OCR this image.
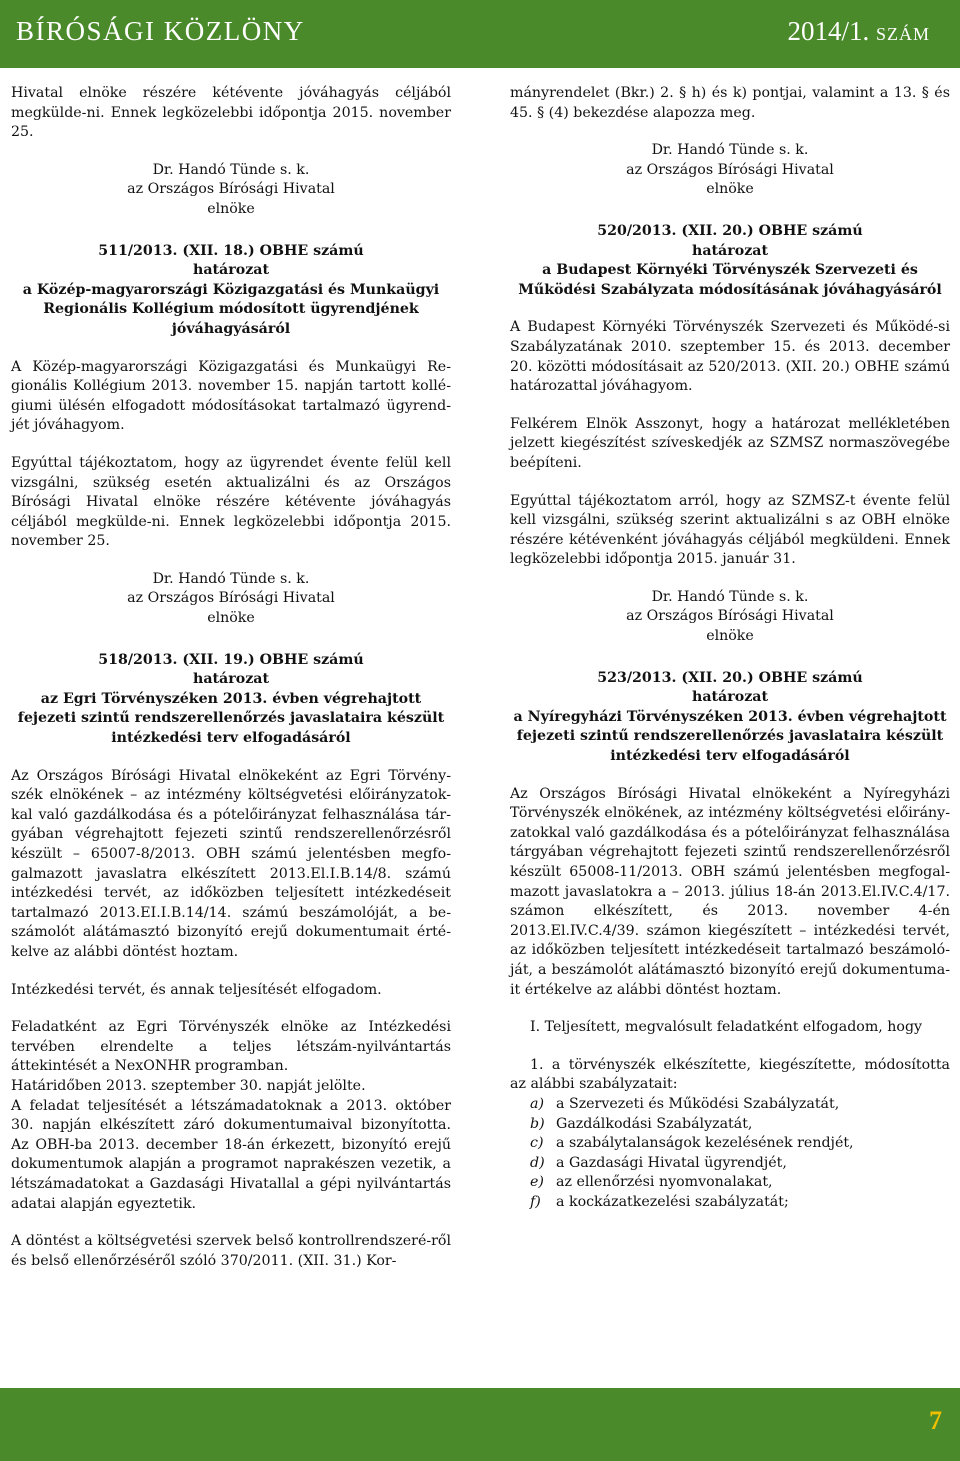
BÍRÓSÁGI KÖZLÖNY	2014/1. SZÁM

Hivatal elnöke részére kétévente jóváhagyás céljából megkülde-ni. Ennek legközelebbi időpontja 2015. november 25.

Dr. Handó Tünde s. k.
az Országos Bírósági Hivatal
elnöke
511/2013. (XII. 18.) OBHE számú
határozat
a Közép-magyarországi Közigazgatási és Munkaügyi Regionális Kollégium módosított ügyrendjének jóváhagyásáról

A Közép-magyarországi Közigazgatási és Munkaügyi Re-gionális Kollégium 2013. november 15. napján tartott kollé-giumi ülésén elfogadott módosításokat tartalmazó ügyrend-jét jóváhagyom.

Egyúttal tájékoztatom, hogy az ügyrendet évente felül kell vizsgálni, szükség esetén aktualizálni és az Országos Bírósági Hivatal elnöke részére kétévente jóváhagyás céljából megkülde-ni. Ennek legközelebbi időpontja 2015. november 25.

Dr. Handó Tünde s. k.
az Országos Bírósági Hivatal
elnöke
518/2013. (XII. 19.) OBHE számú
határozat
az Egri Törvényszéken 2013. évben végrehajtott fejezeti szintű rendszerellenőrzés javaslataira készült intézkedési terv elfogadásáról

Az Országos Bírósági Hivatal elnökeként az Egri Törvény-szék elnökének – az intézmény költségvetési előirányzatok-kal való gazdálkodása és a pótelőirányzat felhasználása tár-gyában végrehajtott fejezeti szintű rendszerellenőrzésről készült – 65007-8/2013. OBH számú jelentésben megfo-galmazott javaslatra elkészített 2013.El.I.B.14/8. számú intézkedési tervét, az időközben teljesített intézkedéseit tartalmazó 2013.EI.I.B.14/14. számú beszámolóját, a be-számolót alátámasztó bizonyító erejű dokumentumait érté-kelve az alábbi döntést hoztam.

Intézkedési tervét, és annak teljesítését elfogadom.

Feladatként az Egri Törvényszék elnöke az Intézkedési tervében elrendelte a teljes létszám-nyilvántartás áttekintését a NexONHR programban.

Határidőben 2013. szeptember 30. napját jelölte.

A feladat teljesítését a létszámadatoknak a 2013. október 30. napján elkészített záró dokumentumaival bizonyította. Az OBH-ba 2013. december 18-án érkezett, bizonyító erejű dokumentumok alapján a programot naprakészen vezetik, a létszámadatokat a Gazdasági Hivatallal a gépi nyilvántartás adatai alapján egyeztetik.

A döntést a költségvetési szervek belső kontrollrendszeré-ről és belső ellenőrzéséről szóló 370/2011. (XII. 31.) Kor-

mányrendelet (Bkr.) 2. § h) és k) pontjai, valamint a 13. § és 45. § (4) bekezdése alapozza meg.

Dr. Handó Tünde s. k.
az Országos Bírósági Hivatal
elnöke
520/2013. (XII. 20.) OBHE számú
határozat
a Budapest Környéki Törvényszék Szervezeti és Működési Szabályzata módosításának jóváhagyásáról

A Budapest Környéki Törvényszék Szervezeti és Működé-si Szabályzatának 2010. szeptember 15. és 2013. december 20. közötti módosításait az 520/2013. (XII. 20.) OBHE számú határozattal jóváhagyom.

Felkérem Elnök Asszonyt, hogy a határozat mellékletében jelzett kiegészítést szíveskedjék az SZMSZ normaszövegébe beépíteni.

Egyúttal tájékoztatom arról, hogy az SZMSZ-t évente felül kell vizsgálni, szükség szerint aktualizálni s az OBH elnöke részére kétévenként jóváhagyás céljából megküldeni. Ennek legközelebbi időpontja 2015. január 31.

Dr. Handó Tünde s. k.
az Országos Bírósági Hivatal
elnöke
523/2013. (XII. 20.) OBHE számú
határozat
a Nyíregyházi Törvényszéken 2013. évben végrehajtott fejezeti szintű rendszerellenőrzés javaslataira készült intézkedési terv elfogadásáról

Az Országos Bírósági Hivatal elnökeként a Nyíregyházi Törvényszék elnökének, az intézmény költségvetési előirány-zatokkal való gazdálkodása és a pótelőirányzat felhasználása tárgyában végrehajtott fejezeti szintű rendszerellenőrzésről készült 65008-11/2013. OBH számú jelentésben megfogal-mazott javaslatokra a – 2013. július 18-án 2013.El.IV.C.4/17. számon elkészített, és 2013. november 4-én 2013.El.IV.C.4/39. számon kiegészített – intézkedési tervét, az időközben teljesített intézkedéseit tartalmazó beszámoló-ját, a beszámolót alátámasztó bizonyító erejű dokumentuma-it értékelve az alábbi döntést hoztam.

I. Teljesített, megvalósult feladatként elfogadom, hogy

1. a törvényszék elkészítette, kiegészítette, módosította az alábbi szabályzatait:

a) a Szervezeti és Működési Szabályzatát,
b) Gazdálkodási Szabályzatát,
c) a szabálytalanságok kezelésének rendjét,
d) a Gazdasági Hivatal ügyrendjét,
e) az ellenőrzési nyomvonalakat,
f) a kockázatkezelési szabályzatát;
7
